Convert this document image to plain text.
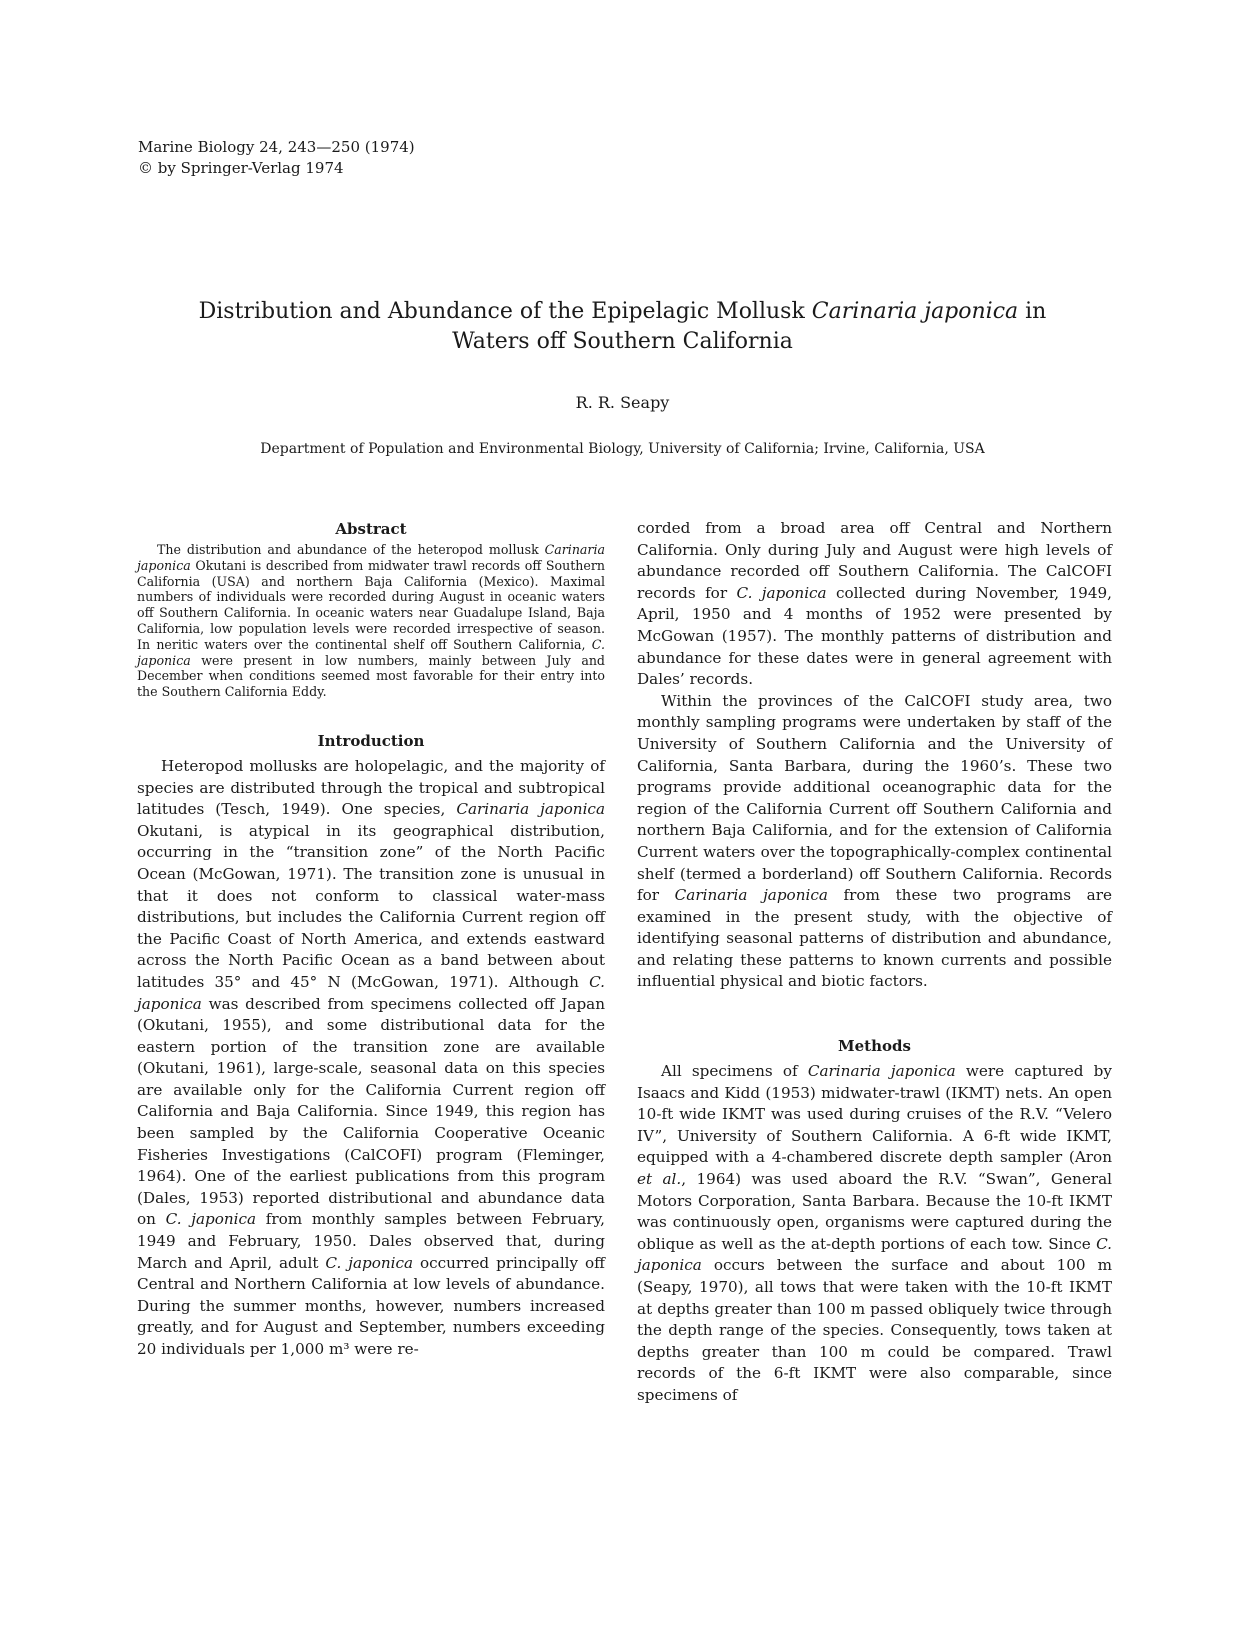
Marine Biology 24, 243—250 (1974)
© by Springer-Verlag 1974
Distribution and Abundance of the Epipelagic Mollusk Carinaria japonica in
Waters off Southern California
R. R. Seapy
Department of Population and Environmental Biology, University of California; Irvine, California, USA
Abstract

The distribution and abundance of the heteropod mollusk Carinaria japonica Okutani is described from midwater trawl records off Southern California (USA) and northern Baja California (Mexico). Maximal numbers of individuals were recorded during August in oceanic waters off Southern California. In oceanic waters near Guadalupe Island, Baja California, low population levels were recorded irrespective of season. In neritic waters over the continental shelf off Southern California, C. japonica were present in low numbers, mainly between July and December when conditions seemed most favorable for their entry into the Southern California Eddy.

Introduction

Heteropod mollusks are holopelagic, and the majority of species are distributed through the tropical and subtropical latitudes (Tesch, 1949). One species, Carinaria japonica Okutani, is atypical in its geographical distribution, occurring in the “transition zone” of the North Pacific Ocean (McGowan, 1971). The transition zone is unusual in that it does not conform to classical water-mass distributions, but includes the California Current region off the Pacific Coast of North America, and extends eastward across the North Pacific Ocean as a band between about latitudes 35° and 45° N (McGowan, 1971). Although C. japonica was described from specimens collected off Japan (Okutani, 1955), and some distributional data for the eastern portion of the transition zone are available (Okutani, 1961), large-scale, seasonal data on this species are available only for the California Current region off California and Baja California. Since 1949, this region has been sampled by the California Cooperative Oceanic Fisheries Investigations (CalCOFI) program (Fleminger, 1964). One of the earliest publications from this program (Dales, 1953) reported distributional and abundance data on C. japonica from monthly samples between February, 1949 and February, 1950. Dales observed that, during March and April, adult C. japonica occurred principally off Central and Northern California at low levels of abundance. During the summer months, however, numbers increased greatly, and for August and September, numbers exceeding 20 individuals per 1,000 m³ were re-

corded from a broad area off Central and Northern California. Only during July and August were high levels of abundance recorded off Southern California. The CalCOFI records for C. japonica collected during November, 1949, April, 1950 and 4 months of 1952 were presented by McGowan (1957). The monthly patterns of distribution and abundance for these dates were in general agreement with Dales’ records.

Within the provinces of the CalCOFI study area, two monthly sampling programs were undertaken by staff of the University of Southern California and the University of California, Santa Barbara, during the 1960’s. These two programs provide additional oceanographic data for the region of the California Current off Southern California and northern Baja California, and for the extension of California Current waters over the topographically-complex continental shelf (termed a borderland) off Southern California. Records for Carinaria japonica from these two programs are examined in the present study, with the objective of identifying seasonal patterns of distribution and abundance, and relating these patterns to known currents and possible influential physical and biotic factors.

Methods

All specimens of Carinaria japonica were captured by Isaacs and Kidd (1953) midwater-trawl (IKMT) nets. An open 10-ft wide IKMT was used during cruises of the R.V. “Velero IV”, University of Southern California. A 6-ft wide IKMT, equipped with a 4-chambered discrete depth sampler (Aron et al., 1964) was used aboard the R.V. “Swan”, General Motors Corporation, Santa Barbara. Because the 10-ft IKMT was continuously open, organisms were captured during the oblique as well as the at-depth portions of each tow. Since C. japonica occurs between the surface and about 100 m (Seapy, 1970), all tows that were taken with the 10-ft IKMT at depths greater than 100 m passed obliquely twice through the depth range of the species. Consequently, tows taken at depths greater than 100 m could be compared. Trawl records of the 6-ft IKMT were also comparable, since specimens of
